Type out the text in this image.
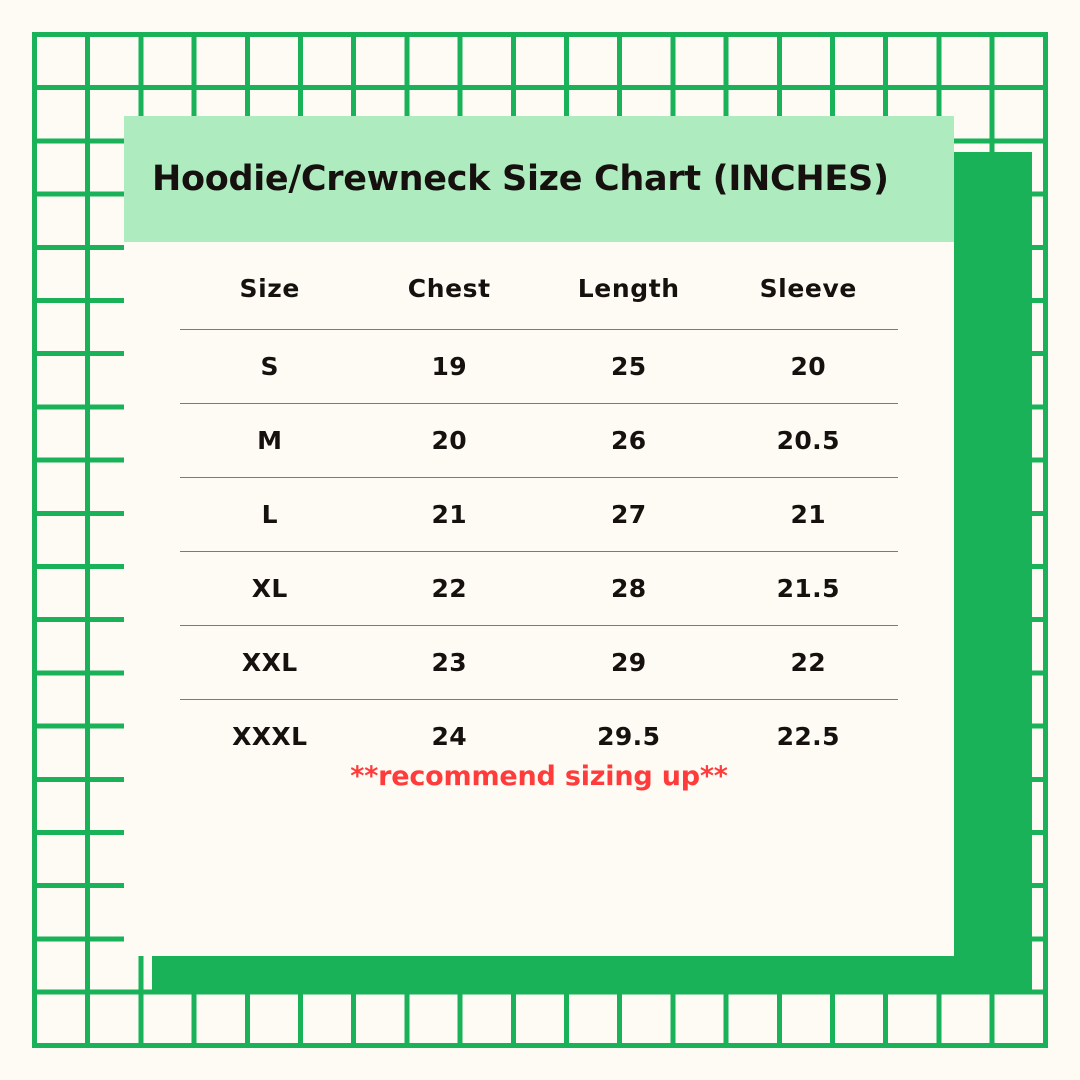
Hoodie/Crewneck Size Chart (INCHES)
Size	Chest	Length	Sleeve
S	19	25	20
M	20	26	20.5
L	21	27	21
XL	22	28	21.5
XXL	23	29	22
XXXL	24	29.5	22.5
**recommend sizing up**
